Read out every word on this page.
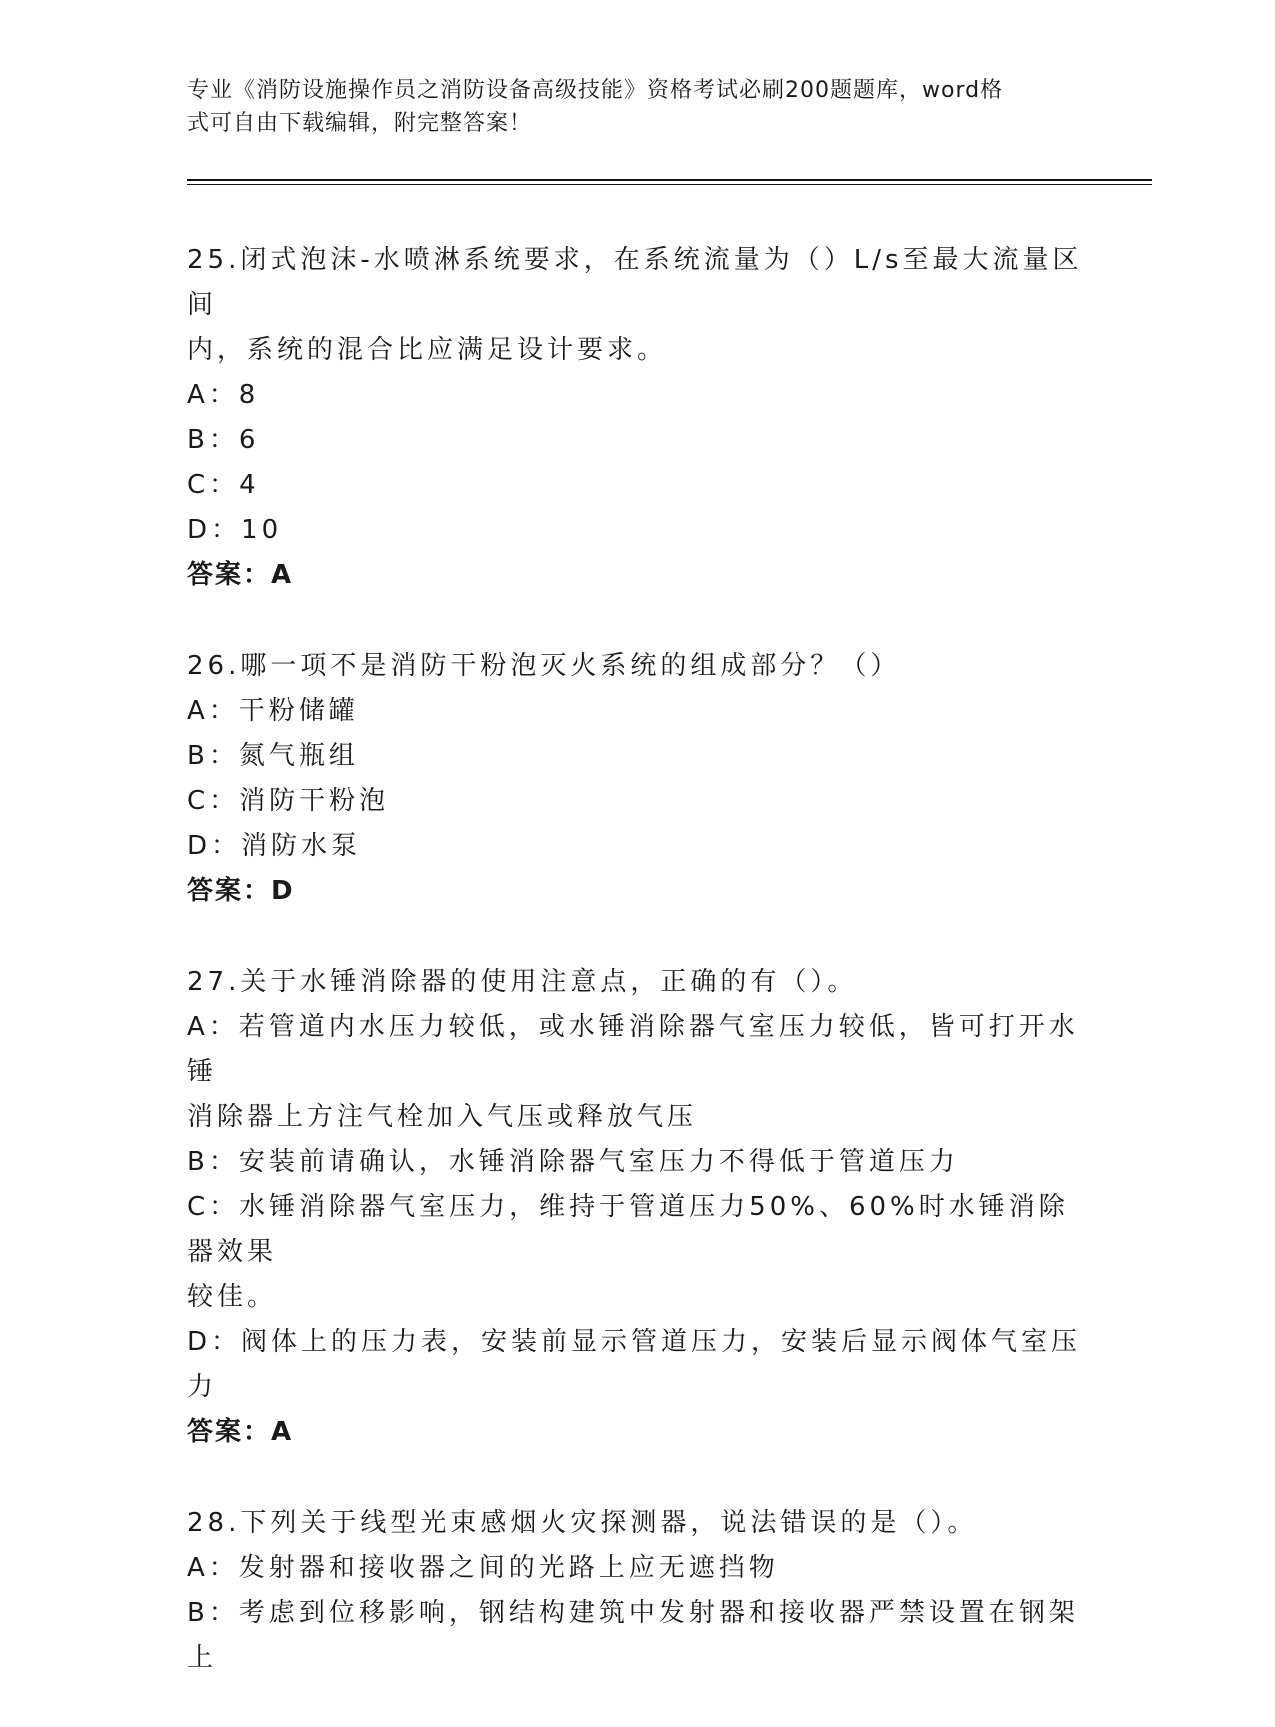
专业《消防设施操作员之消防设备高级技能》资格考试必刷200题题库，word格
式可自由下载编辑，附完整答案！

25.闭式泡沫-水喷淋系统要求，在系统流量为（）L/s至最大流量区间

内，系统的混合比应满足设计要求。

A：8

B：6

C：4

D：10

答案：A

26.哪一项不是消防干粉泡灭火系统的组成部分？（）

A：干粉储罐

B：氮气瓶组

C：消防干粉泡

D：消防水泵

答案：D

27.关于水锤消除器的使用注意点，正确的有（）。

A：若管道内水压力较低，或水锤消除器气室压力较低，皆可打开水锤

消除器上方注气栓加入气压或释放气压

B：安装前请确认，水锤消除器气室压力不得低于管道压力

C：水锤消除器气室压力，维持于管道压力50%、60%时水锤消除器效果

较佳。

D：阀体上的压力表，安装前显示管道压力，安装后显示阀体气室压力

答案：A

28.下列关于线型光束感烟火灾探测器，说法错误的是（）。

A：发射器和接收器之间的光路上应无遮挡物

B：考虑到位移影响，钢结构建筑中发射器和接收器严禁设置在钢架上
